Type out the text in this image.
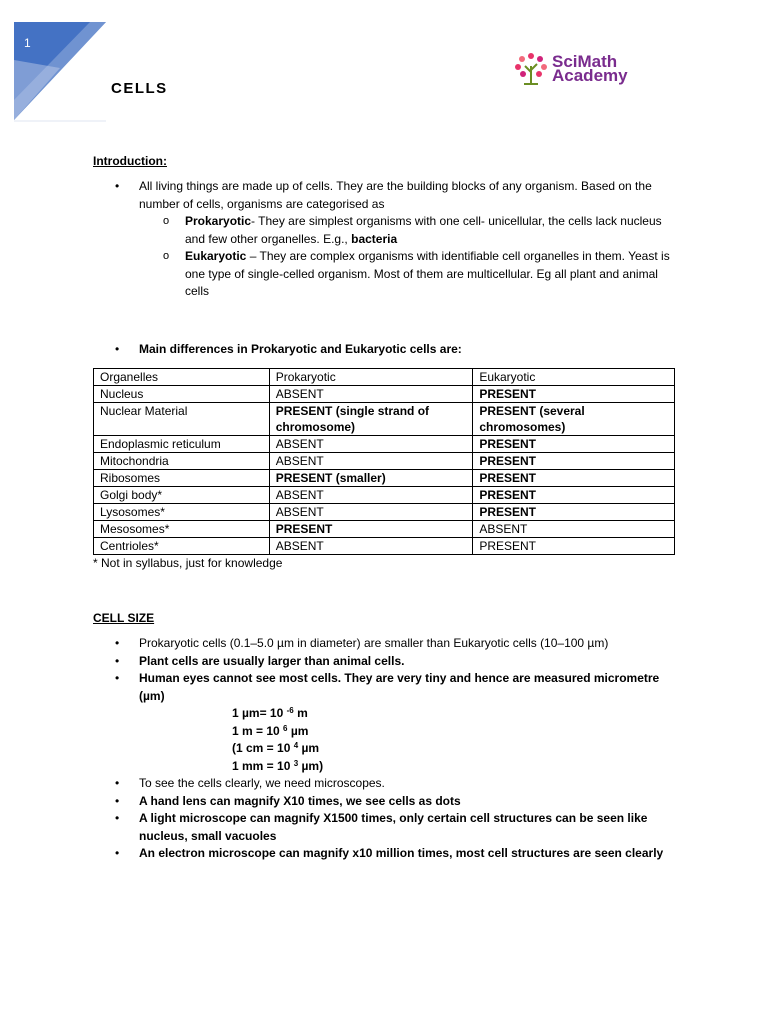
1
CELLS
SciMath
Academy

Introduction:

• All living things are made up of cells. They are the building blocks of any organism. Based on the number of cells, organisms are categorised as
o Prokaryotic- They are simplest organisms with one cell- unicellular, the cells lack nucleus and few other organelles. E.g., bacteria
o Eukaryotic – They are complex organisms with identifiable cell organelles in them. Yeast is one type of single-celled organism. Most of them are multicellular. Eg all plant and animal cells
• Main differences in Prokaryotic and Eukaryotic cells are:
Organelles	Prokaryotic	Eukaryotic
Nucleus	ABSENT	PRESENT
Nuclear Material	PRESENT (single strand of chromosome)	PRESENT (several chromosomes)
Endoplasmic reticulum	ABSENT	PRESENT
Mitochondria	ABSENT	PRESENT
Ribosomes	PRESENT (smaller)	PRESENT
Golgi body*	ABSENT	PRESENT
Lysosomes*	ABSENT	PRESENT
Mesosomes*	PRESENT	ABSENT
Centrioles*	ABSENT	PRESENT
* Not in syllabus, just for knowledge

CELL SIZE

• Prokaryotic cells (0.1–5.0 µm in diameter) are smaller than Eukaryotic cells (10–100 µm)
• Plant cells are usually larger than animal cells.
• Human eyes cannot see most cells. They are very tiny and hence are measured micrometre (µm)
1 µm= 10 $^{-6}$ m
1 m = 10 $^6$ µm
(1 cm = 10 $^4$ µm
1 mm = 10 $^3$ µm)
• To see the cells clearly, we need microscopes.
• A hand lens can magnify X10 times, we see cells as dots
• A light microscope can magnify X1500 times, only certain cell structures can be seen like nucleus, small vacuoles
• An electron microscope can magnify x10 million times, most cell structures are seen clearly
